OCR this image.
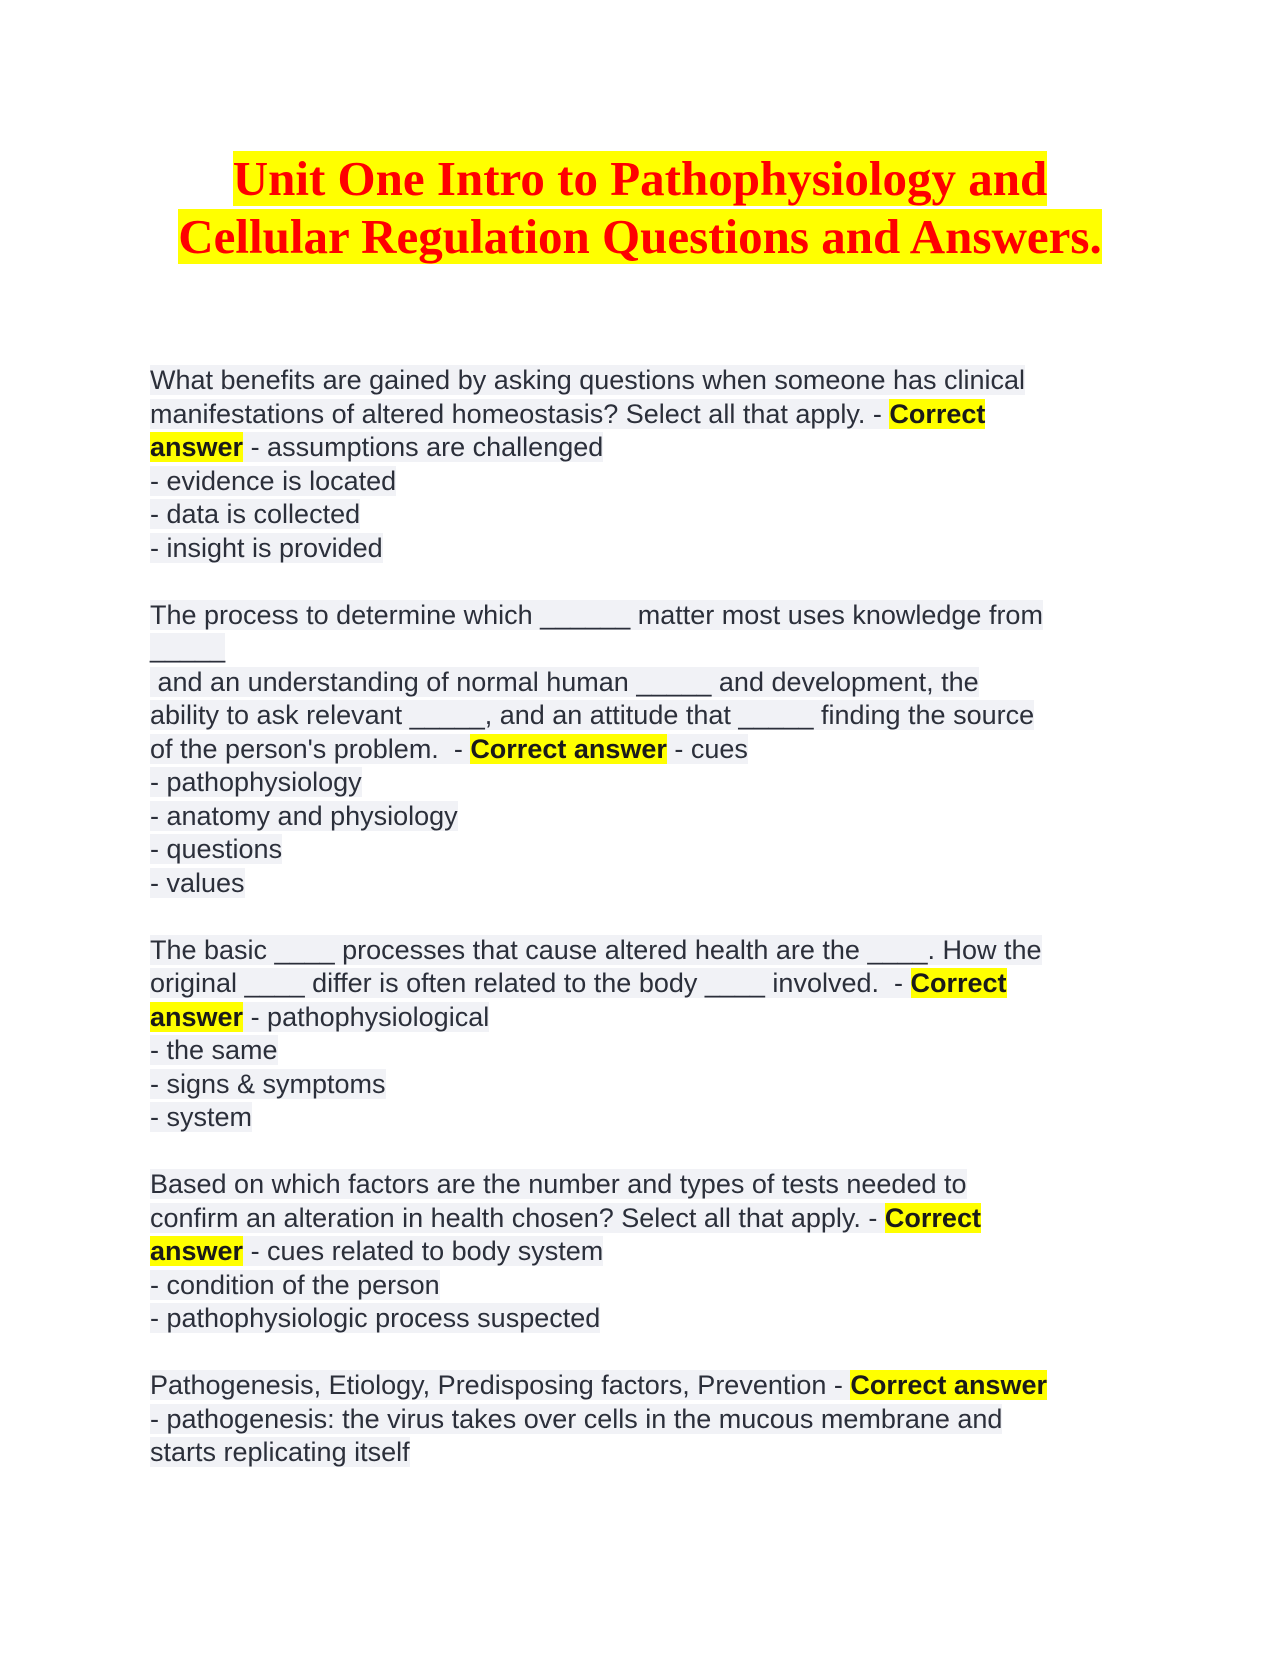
Unit One Intro to Pathophysiology and
Cellular Regulation Questions and Answers.
What benefits are gained by asking questions when someone has clinical
manifestations of altered homeostasis? Select all that apply. - Correct
answer - assumptions are challenged
- evidence is located
- data is collected
- insight is provided
The process to determine which ______ matter most uses knowledge from
_____
and an understanding of normal human _____ and development, the
ability to ask relevant _____, and an attitude that _____ finding the source
of the person's problem.  - Correct answer - cues
- pathophysiology
- anatomy and physiology
- questions
- values
The basic ____ processes that cause altered health are the ____. How the
original ____ differ is often related to the body ____ involved.  - Correct
answer - pathophysiological
- the same
- signs & symptoms
- system
Based on which factors are the number and types of tests needed to
confirm an alteration in health chosen? Select all that apply. - Correct
answer - cues related to body system
- condition of the person
- pathophysiologic process suspected
Pathogenesis, Etiology, Predisposing factors, Prevention - Correct answer
- pathogenesis: the virus takes over cells in the mucous membrane and
starts replicating itself
